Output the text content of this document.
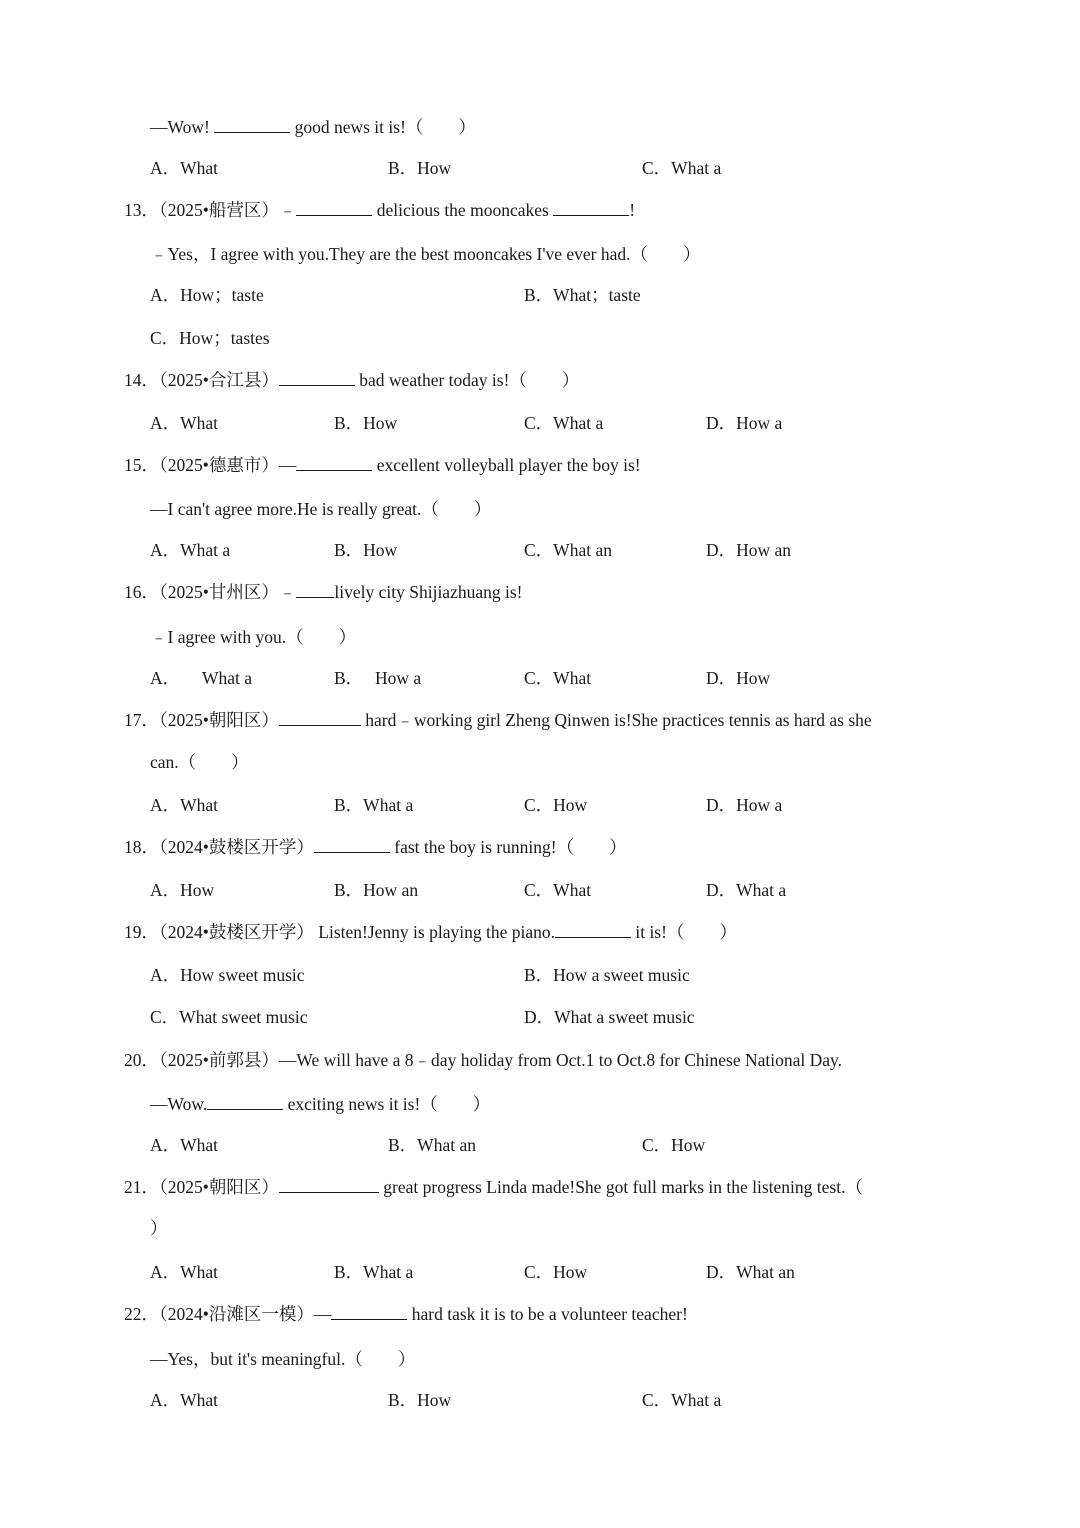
—Wow!	good news it is!（　　）
A．What	B．How	C．What a
13．（2025•船营区）﹣	delicious the mooncakes	!
﹣Yes，I agree with you.They are the best mooncakes I've ever had.（　　）
A．How；taste	B．What；taste
C．How；tastes
14．（2025•合江县）	bad weather today is!（　　）
A．What	B．How	C．What a	D．How a
15．（2025•德惠市）—	excellent volleyball player the boy is!
—I can't agree more.He is really great.（　　）
A．What a	B．How	C．What an	D．How an
16．（2025•甘州区）﹣ lively city Shijiazhuang is!
﹣I agree with you.（　　）
A． What a	B． How a	C．What	D．How
17．（2025•朝阳区）	hard﹣working girl Zheng Qinwen is!She practices tennis as hard as she
can.（　　）
A．What	B．What a	C．How	D．How a
18．（2024•鼓楼区开学）	fast the boy is running!（　　）
A．How	B．How an	C．What	D．What a
19．（2024•鼓楼区开学） Listen!Jenny is playing the piano.	it is!（　　）
A．How sweet music	B．How a sweet music
C．What sweet music	D．What a sweet music
20．（2025•前郭县）—We will have a 8﹣day holiday from Oct.1 to Oct.8 for Chinese National Day.
—Wow.	exciting news it is!（　　）
A．What	B．What an	C．How
21．（2025•朝阳区）	great progress Linda made!She got full marks in the listening test.（
）
A．What	B．What a	C．How	D．What an
22．（2024•沿滩区一模）—	hard task it is to be a volunteer teacher!
—Yes，but it's meaningful.（　　）
A．What	B．How	C．What a
